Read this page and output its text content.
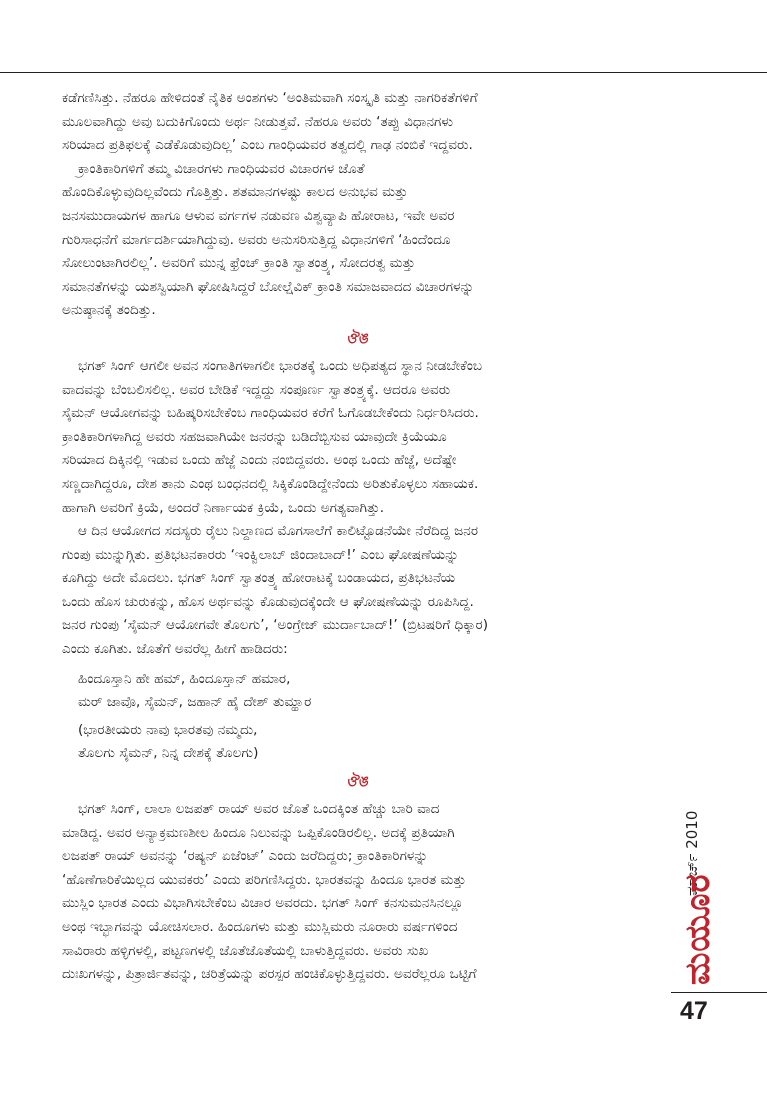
ಕಡೆಗಣಿಸಿತ್ತು. ನೆಹರೂ ಹೇಳಿದಂತೆ ನೈತಿಕ ಅಂಶಗಳು ‘ಅಂತಿಮವಾಗಿ ಸಂಸ್ಕೃತಿ ಮತ್ತು ನಾಗರಿಕತೆಗಳಿಗೆ
ಮೂಲವಾಗಿದ್ದು ಅವು ಬದುಕಿಗೊಂದು ಅರ್ಥ ನೀಡುತ್ತವೆ. ನೆಹರೂ ಅವರು ‘ತಪ್ಪು ವಿಧಾನಗಳು
ಸರಿಯಾದ ಪ್ರತಿಫಲಕ್ಕೆ ಎಡೆಕೊಡುವುದಿಲ್ಲ’ ಎಂಬ ಗಾಂಧಿಯವರ ತತ್ವದಲ್ಲಿ ಗಾಢ ನಂಬಿಕೆ ಇದ್ದವರು.
ಕ್ರಾಂತಿಕಾರಿಗಳಿಗೆ ತಮ್ಮ ವಿಚಾರಗಳು ಗಾಂಧಿಯವರ ವಿಚಾರಗಳ ಜೊತೆ
ಹೊಂದಿಕೊಳ್ಳುವುದಿಲ್ಲವೆಂದು ಗೊತ್ತಿತ್ತು. ಶತಮಾನಗಳಷ್ಟು ಕಾಲದ ಅನುಭವ ಮತ್ತು
ಜನಸಮುದಾಯಗಳ ಹಾಗೂ ಆಳುವ ವರ್ಗಗಳ ನಡುವಣ ವಿಶ್ವವ್ಯಾಪಿ ಹೋರಾಟ, ಇವೇ ಅವರ
ಗುರಿಸಾಧನೆಗೆ ಮಾರ್ಗದರ್ಶಿಯಾಗಿದ್ದುವು. ಅವರು ಅನುಸರಿಸುತ್ತಿದ್ದ ವಿಧಾನಗಳಿಗೆ ‘ಹಿಂದೆಂದೂ
ಸೋಲುಂಟಾಗಿರಲಿಲ್ಲ’. ಅವರಿಗೆ ಮುನ್ನ ಫ್ರೆಂಚ್ ಕ್ರಾಂತಿ ಸ್ವಾತಂತ್ರ್ಯ, ಸೋದರತ್ವ ಮತ್ತು
ಸಮಾನತೆಗಳನ್ನು ಯಶಸ್ವಿಯಾಗಿ ಘೋಷಿಸಿದ್ದರೆ ಬೋಲ್ಷೆವಿಕ್ ಕ್ರಾಂತಿ ಸಮಾಜವಾದದ ವಿಚಾರಗಳನ್ನು
ಅನುಷ್ಠಾನಕ್ಕೆ ತಂದಿತ್ತು.
ঔঙ
ಭಗತ್ ಸಿಂಗ್ ಆಗಲೀ ಅವನ ಸಂಗಾತಿಗಳಾಗಲೀ ಭಾರತಕ್ಕೆ ಒಂದು ಅಧಿಪತ್ಯದ ಸ್ಥಾನ ನೀಡಬೇಕೆಂಬ
ವಾದವನ್ನು ಬೆಂಬಲಿಸಲಿಲ್ಲ. ಅವರ ಬೇಡಿಕೆ ಇದ್ದದ್ದು ಸಂಪೂರ್ಣ ಸ್ವಾತಂತ್ರ್ಯಕ್ಕೆ. ಆದರೂ ಅವರು
ಸೈಮನ್ ಆಯೋಗವನ್ನು ಬಹಿಷ್ಕರಿಸಬೇಕೆಂಬ ಗಾಂಧಿಯವರ ಕರೆಗೆ ಓಗೊಡಬೇಕೆಂದು ನಿರ್ಧರಿಸಿದರು.
ಕ್ರಾಂತಿಕಾರಿಗಳಾಗಿದ್ದ ಅವರು ಸಹಜವಾಗಿಯೇ ಜನರನ್ನು ಬಡಿದೆಬ್ಬಿಸುವ ಯಾವುದೇ ಕ್ರಿಯೆಯೂ
ಸರಿಯಾದ ದಿಕ್ಕಿನಲ್ಲಿ ಇಡುವ ಒಂದು ಹೆಜ್ಜೆ ಎಂದು ನಂಬಿದ್ದವರು. ಅಂಥ ಒಂದು ಹೆಜ್ಜೆ, ಅದೆಷ್ಟೇ
ಸಣ್ಣದಾಗಿದ್ದರೂ, ದೇಶ ತಾನು ಎಂಥ ಬಂಧನದಲ್ಲಿ ಸಿಕ್ಕಿಕೊಂಡಿದ್ದೇನೆಂದು ಅರಿತುಕೊಳ್ಳಲು ಸಹಾಯಕ.
ಹಾಗಾಗಿ ಅವರಿಗೆ ಕ್ರಿಯೆ, ಅಂದರೆ ನಿರ್ಣಾಯಕ ಕ್ರಿಯೆ, ಒಂದು ಅಗತ್ಯವಾಗಿತ್ತು.
ಆ ದಿನ ಆಯೋಗದ ಸದಸ್ಯರು ರೈಲು ನಿಲ್ದಾಣದ ಮೊಗಸಾಲೆಗೆ ಕಾಲಿಟ್ಟೊಡನೆಯೇ ನೆರೆದಿದ್ದ ಜನರ
ಗುಂಪು ಮುನ್ನುಗ್ಗಿತು. ಪ್ರತಿಭಟನಕಾರರು ‘ಇಂಕ್ವಿಲಾಬ್ ಜಿಂದಾಬಾದ್!’ ಎಂಬ ಘೋಷಣೆಯನ್ನು
ಕೂಗಿದ್ದು ಅದೇ ಮೊದಲು. ಭಗತ್ ಸಿಂಗ್ ಸ್ವಾತಂತ್ರ್ಯ ಹೋರಾಟಕ್ಕೆ ಬಂಡಾಯದ, ಪ್ರತಿಭಟನೆಯ
ಒಂದು ಹೊಸ ಚುರುಕನ್ನು, ಹೊಸ ಅರ್ಥವನ್ನು ಕೊಡುವುದಕ್ಕೆಂದೇ ಆ ಘೋಷಣೆಯನ್ನು ರೂಪಿಸಿದ್ದ.
ಜನರ ಗುಂಪು ‘ಸೈಮನ್ ಆಯೋಗವೇ ತೊಲಗು’, ‘ಅಂಗ್ರೇಜ್ ಮುರ್ದಾಬಾದ್!’ (ಬ್ರಿಟಷರಿಗೆ ಧಿಕ್ಕಾರ)
ಎಂದು ಕೂಗಿತು. ಜೊತೆಗೆ ಅವರೆಲ್ಲ ಹೀಗೆ ಹಾಡಿದರು:
ಹಿಂದೂಸ್ತಾನಿ ಹೇ ಹಮ್, ಹಿಂದೂಸ್ತಾನ್ ಹಮಾರ,
ಮರ್ ಜಾವೊ, ಸೈಮನ್, ಜಹಾನ್ ಹೈ ದೇಶ್ ತುಮ್ಹಾರ
(ಭಾರತೀಯರು ನಾವು ಭಾರತವು ನಮ್ಮದು,
ತೊಲಗು ಸೈಮನ್, ನಿನ್ನ ದೇಶಕ್ಕೆ ತೊಲಗು)
ঔঙ
ಭಗತ್ ಸಿಂಗ್, ಲಾಲಾ ಲಜಪತ್ ರಾಯ್ ಅವರ ಜೊತೆ ಒಂದಕ್ಕಿಂತ ಹೆಚ್ಚು ಬಾರಿ ವಾದ
ಮಾಡಿದ್ದ. ಅವರ ಅನ್ಯಾಕ್ರಮಣಶೀಲ ಹಿಂದೂ ನಿಲುವನ್ನು ಒಪ್ಪಿಕೊಂಡಿರಲಿಲ್ಲ. ಅದಕ್ಕೆ ಪ್ರತಿಯಾಗಿ
ಲಜಪತ್ ರಾಯ್ ಅವನನ್ನು ‘ರಷ್ಯನ್ ಏಜೆಂಟ್’ ಎಂದು ಜರೆದಿದ್ದರು; ಕ್ರಾಂತಿಕಾರಿಗಳನ್ನು
‘ಹೊಣೆಗಾರಿಕೆಯಿಲ್ಲದ ಯುವಕರು’ ಎಂದು ಪರಿಗಣಿಸಿದ್ದರು. ಭಾರತವನ್ನು ಹಿಂದೂ ಭಾರತ ಮತ್ತು
ಮುಸ್ಲಿಂ ಭಾರತ ಎಂದು ವಿಭಾಗಿಸಬೇಕೆಂಬ ವಿಚಾರ ಅವರದು. ಭಗತ್ ಸಿಂಗ್ ಕನಸುಮನಸಿನಲ್ಲೂ
ಅಂಥ ಇಬ್ಭಾಗವನ್ನು ಯೋಚಿಸಲಾರ. ಹಿಂದೂಗಳು ಮತ್ತು ಮುಸ್ಲಿಮರು ನೂರಾರು ವರ್ಷಗಳಿಂದ
ಸಾವಿರಾರು ಹಳ್ಳಿಗಳಲ್ಲಿ, ಪಟ್ಟಣಗಳಲ್ಲಿ ಜೊತೆಜೊತೆಯಲ್ಲಿ ಬಾಳುತ್ತಿದ್ದವರು. ಅವರು ಸುಖ
ದುಃಖಗಳನ್ನು, ಪಿತ್ರಾರ್ಜಿತವನ್ನು, ಚರಿತ್ರೆಯನ್ನು ಪರಸ್ಪರ ಹಂಚಿಕೊಳ್ಳುತ್ತಿದ್ದವರು. ಅವರೆಲ್ಲರೂ ಒಟ್ಟಿಗೆ
ಮಾರ್ಚ್ 2010
ಮಯೂರ
47
